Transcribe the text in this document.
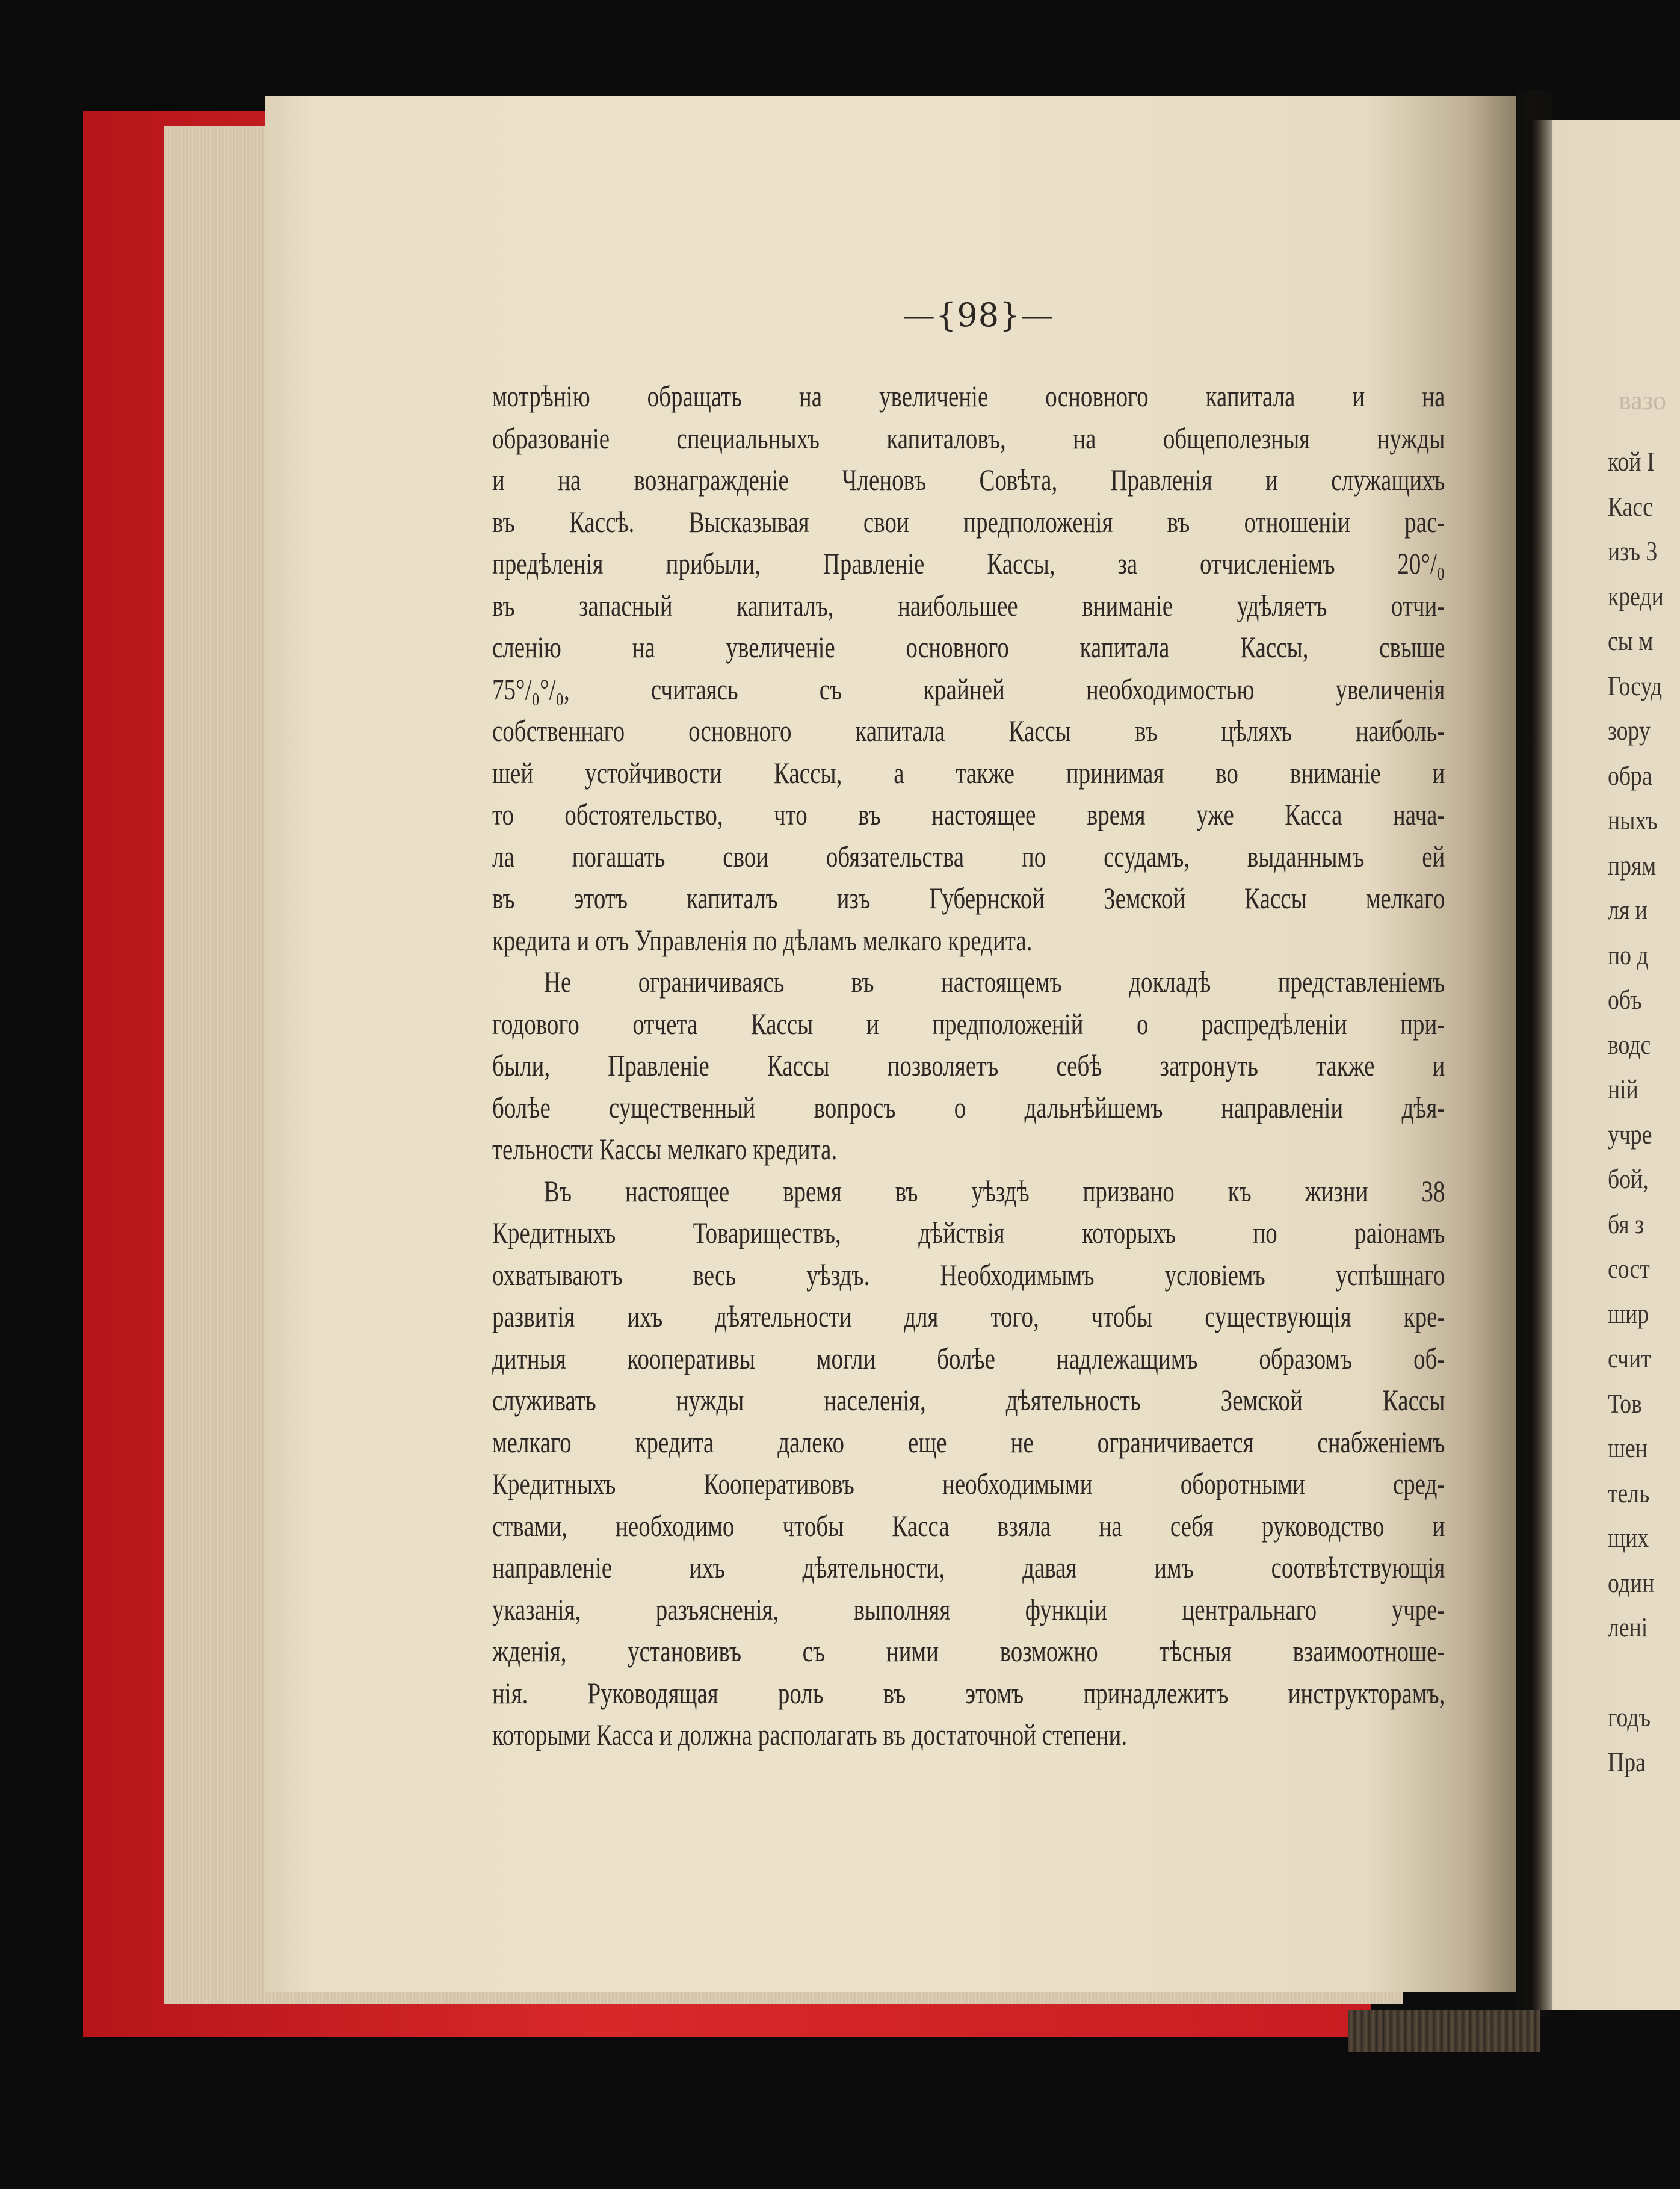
—{98}—
мотрѣнію обращать на увеличеніе основного капитала и на
образованіе специальныхъ капиталовъ, на общеполезныя нужды
и на вознагражденіе Членовъ Совѣта, Правленія и служащихъ
въ Кассѣ. Высказывая свои предположенія въ отношеніи рас-
предѣленія прибыли, Правленіе Кассы, за отчисленіемъ 20°/₀
въ запасный капиталъ, наибольшее вниманіе удѣляетъ отчи-
сленію на увеличеніе основного капитала Кассы, свыше
75°/₀°/₀, считаясь съ крайней необходимостью увеличенія
собственнаго основного капитала Кассы въ цѣляхъ наиболь-
шей устойчивости Кассы, а также принимая во вниманіе и
то обстоятельство, что въ настоящее время уже Касса нача-
ла погашать свои обязательства по ссудамъ, выданнымъ ей
въ этотъ капиталъ изъ Губернской Земской Кассы мелкаго
кредита и отъ Управленія по дѣламъ мелкаго кредита.
Не ограничиваясь въ настоящемъ докладѣ представленіемъ
годового отчета Кассы и предположеній о распредѣленіи при-
были, Правленіе Кассы позволяетъ себѣ затронуть также и
болѣе существенный вопросъ о дальнѣйшемъ направленіи дѣя-
тельности Кассы мелкаго кредита.
Въ настоящее время въ уѣздѣ призвано къ жизни 38
Кредитныхъ Товариществъ, дѣйствія которыхъ по раіонамъ
охватываютъ весь уѣздъ. Необходимымъ условіемъ успѣшнаго
развитія ихъ дѣятельности для того, чтобы существующія кре-
дитныя кооперативы могли болѣе надлежащимъ образомъ об-
служивать нужды населенія, дѣятельность Земской Кассы
мелкаго кредита далеко еще не ограничивается снабженіемъ
Кредитныхъ Кооперативовъ необходимыми оборотными сред-
ствами, необходимо чтобы Касса взяла на себя руководство и
направленіе ихъ дѣятельности, давая имъ соотвѣтствующія
указанія, разъясненія, выполняя функціи центральнаго учре-
жденія, установивъ съ ними возможно тѣсныя взаимоотноше-
нія. Руководящая роль въ этомъ принадлежитъ инструкторамъ,
которыми Касса и должна располагать въ достаточной степени.
вазо
кой І
Касс
изъ 3
креди
сы м
Госуд
зору
обра
ныхъ
прям
ля и
по д
объ
водс
ній
учре
бой,
бя з
сост
шир
счит
Тов
шен
тель
щих
один
лені
годъ
Пра
